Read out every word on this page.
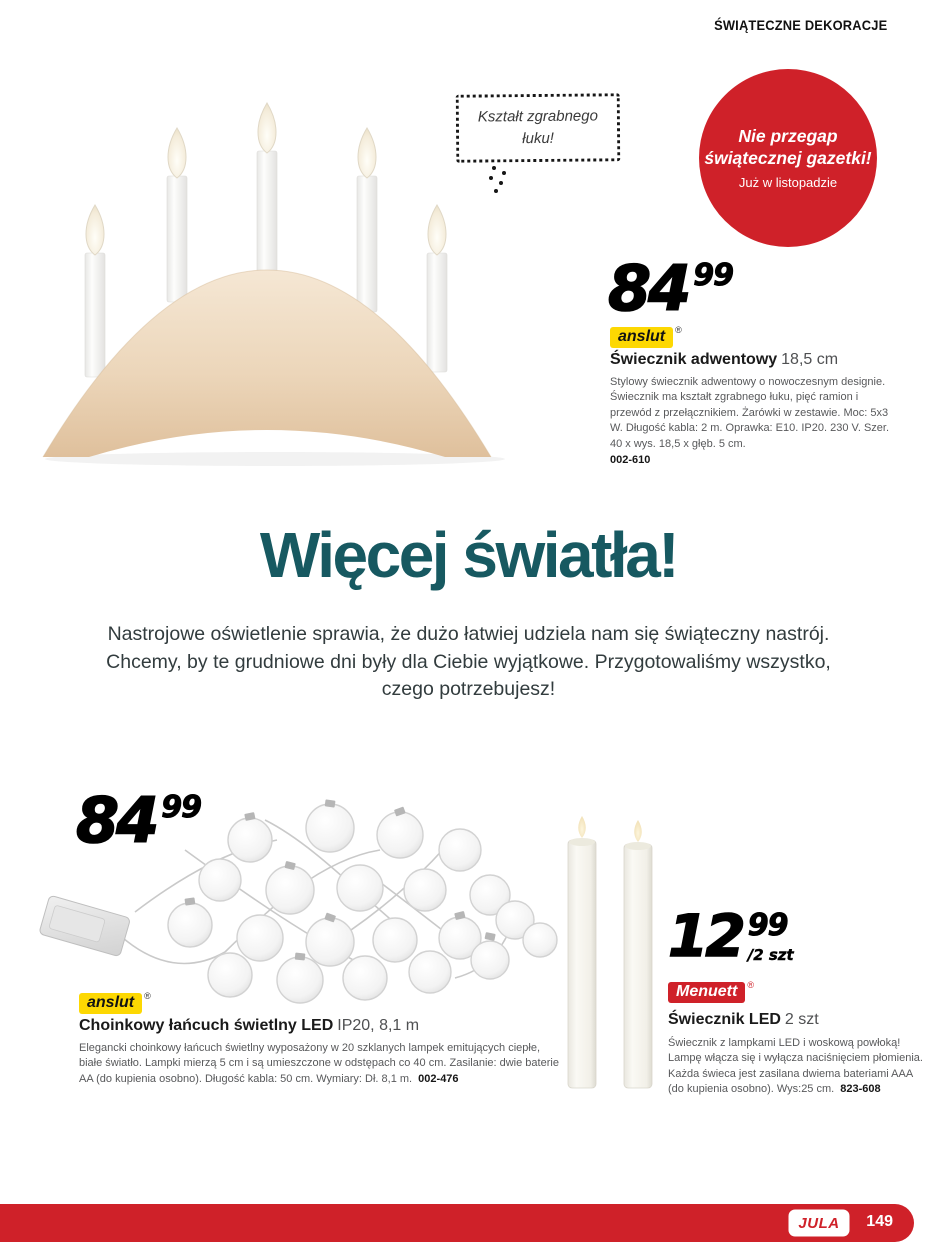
ŚWIĄTECZNE DEKORACJE
Kształt zgrabnego
łuku!	Nie przegap
świątecznej gazetki!
Już w listopadzie
84 99
anslut ®
Świecznik adwentowy 18,5 cm
Stylowy świecznik adwentowy o nowoczesnym designie. Świecznik ma kształt zgrabnego łuku, pięć ramion i przewód z przełącznikiem. Żarówki w zestawie. Moc: 5x3 W. Długość kabla: 2 m. Oprawka: E10. IP20. 230 V. Szer. 40 x wys. 18,5 x głęb. 5 cm.
002-610
Więcej światła!
Nastrojowe oświetlenie sprawia, że dużo łatwiej udziela nam się świąteczny nastrój. Chcemy, by te grudniowe dni były dla Ciebie wyjątkowe. Przygotowaliśmy wszystko, czego potrzebujesz!
84 99
anslut ®
Choinkowy łańcuch świetlny LED IP20, 8,1 m
Elegancki choinkowy łańcuch świetlny wyposażony w 20 szklanych lampek emitujących ciepłe, białe światło. Lampki mierzą 5 cm i są umieszczone w odstępach co 40 cm. Zasilanie: dwie baterie AA (do kupienia osobno). Długość kabla: 50 cm. Wymiary: Dł. 8,1 m. 002-476
12 99
/2 szt
Menuett ®
Świecznik LED 2 szt
Świecznik z lampkami LED i woskową powłoką! Lampę włącza się i wyłącza naciśnięciem płomienia. Każda świeca jest zasilana dwiema bateriami AAA (do kupienia osobno). Wys:25 cm. 823-608
JULA	149
